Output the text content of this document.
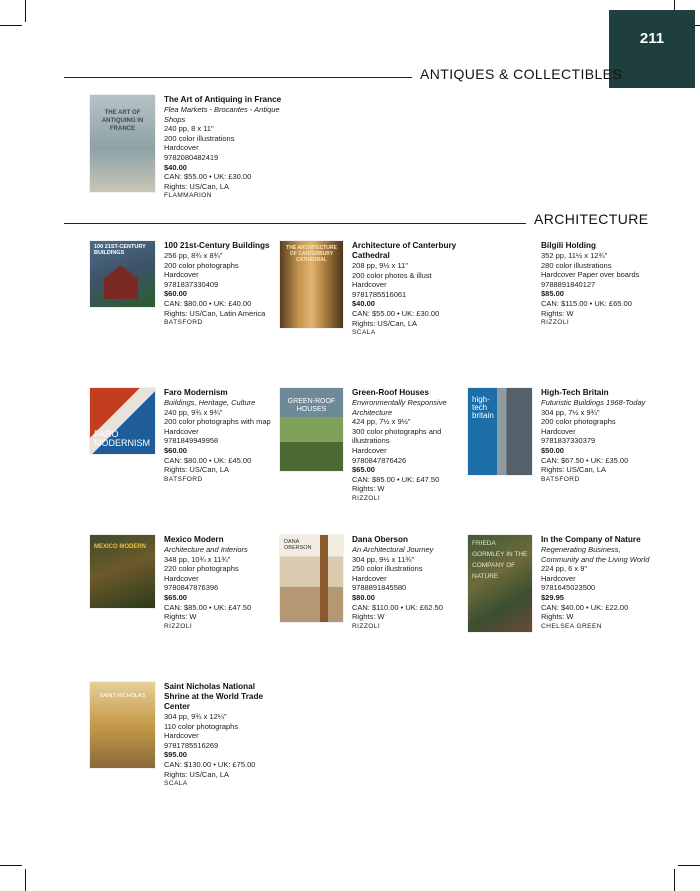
211
ANTIQUES & COLLECTIBLES
ARCHITECTURE
THE ART OF ANTIQUING IN FRANCE
The Art of Antiquing in France
Flea Markets - Brocantes - Antique Shops
240 pp, 8 x 11"
200 color illustrations
Hardcover
9782080482419
$40.00
CAN: $55.00 • UK: £30.00
Rights: US/Can, LA
FLAMMARION
100 21ST-CENTURY BUILDINGS
100 21st-Century Buildings
256 pp, 8¾ x 8¾"
200 color photographs
Hardcover
9781837330409
$60.00
CAN: $80.00 • UK: £40.00
Rights: US/Can, Latin America
BATSFORD
THE ARCHITECTURE OF CANTERBURY CATHEDRAL
Architecture of Canterbury Cathedral
208 pp, 9½ x 11"
200 color photos & illust
Hardcover
9781785516061
$40.00
CAN: $55.00 • UK: £30.00
Rights: US/Can, LA
SCALA
Bilgili Holding
352 pp, 11½ x 12¾"
280 color illustrations
Hardcover Paper over boards
9788891840127
$85.00
CAN: $115.00 • UK: £65.00
Rights: W
RIZZOLI
FARO MODERNISM
Faro Modernism
Buildings, Heritage, Culture
240 pp, 9¾ x 9¾"
200 color photographs with map
Hardcover
9781849949958
$60.00
CAN: $80.00 • UK: £45.00
Rights: US/Can, LA
BATSFORD
GREEN-ROOF HOUSES
Green-Roof Houses
Environmentally Responsive Architecture
424 pp, 7½ x 9½"
300 color photographs and illustrations
Hardcover
9780847876426
$65.00
CAN: $85.00 • UK: £47.50
Rights: W
RIZZOLI
high-tech britain
High-Tech Britain
Futuristic Buildings 1968-Today
304 pp, 7½ x 9¾"
200 color photographs
Hardcover
9781837330379
$50.00
CAN: $67.50 • UK: £35.00
Rights: US/Can, LA
BATSFORD
MEXICO MODERN
Mexico Modern
Architecture and Interiors
348 pp, 10¾ x 11¾"
220 color photographs
Hardcover
9780847876396
$65.00
CAN: $85.00 • UK: £47.50
Rights: W
RIZZOLI
DANA OBERSON
Dana Oberson
An Architectural Journey
304 pp, 9½ x 11¾"
250 color illustrations
Hardcover
9788891845580
$80.00
CAN: $110.00 • UK: £62.50
Rights: W
RIZZOLI
FRIEDA GORMLEY IN THE COMPANY OF NATURE
In the Company of Nature
Regenerating Business, Community and the Living World
224 pp, 6 x 9"
Hardcover
9781645023500
$29.95
CAN: $40.00 • UK: £22.00
Rights: W
CHELSEA GREEN
SAINT NICHOLAS
Saint Nicholas National Shrine at the World Trade Center
304 pp, 9¾ x 12¼"
110 color photographs
Hardcover
9781785516269
$95.00
CAN: $130.00 • UK: £75.00
Rights: US/Can, LA
SCALA
